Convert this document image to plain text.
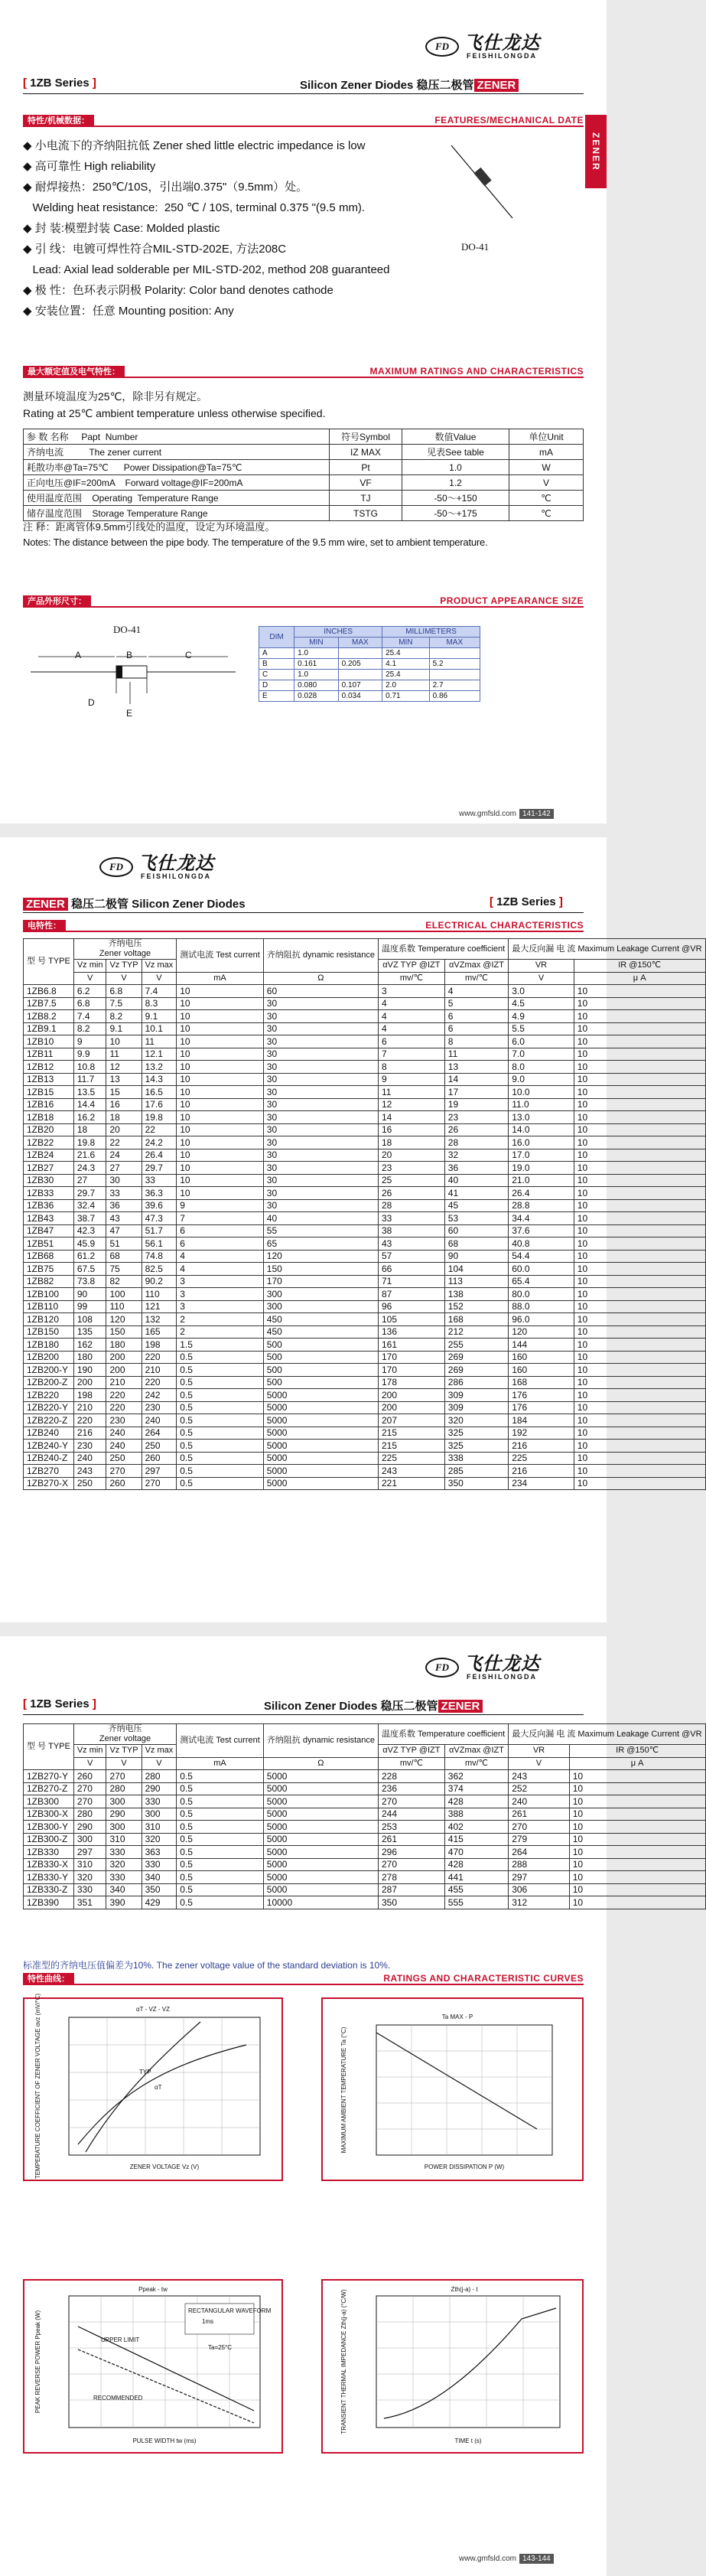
FD 飞仕龙达
FEISHILONGDA
[ 1ZB Series ]	Silicon Zener Diodes 稳压二极管 ZENER
ZENER
特性/机械数据：	FEATURES/MECHANICAL DATE
◆ 小电流下的齐纳阻抗低 Zener shed little electric impedance is low
◆ 高可靠性 High reliability
◆ 耐焊接热：250℃/10S，引出端0.375"（9.5mm）处。
Welding heat resistance:  250 ℃ / 10S, terminal 0.375 "(9.5 mm).
◆ 封 装:模塑封装 Case: Molded plastic
◆ 引 线：电镀可焊性符合MIL-STD-202E, 方法208C
Lead: Axial lead solderable per MIL-STD-202, method 208 guaranteed
◆ 极 性：色环表示阴极 Polarity: Color band denotes cathode
◆ 安装位置：任意 Mounting position: Any
DO-41
最大额定值及电气特性：	MAXIMUM RATINGS AND CHARACTERISTICS
测量环境温度为25℃，除非另有规定。
Rating at 25℃ ambient temperature unless otherwise specified.
参 数 名称     Papt  Number	符号Symbol	数值Value	单位Unit
齐纳电流          The zener current	IZ MAX	见表See table	mA
耗散功率@Ta=75℃      Power Dissipation@Ta=75℃	Pt	1.0	W
正向电压@IF=200mA    Forward voltage@IF=200mA	VF	1.2	V
使用温度范围    Operating  Temperature Range	TJ	-50～+150	℃
储存温度范围    Storage Temperature Range	TSTG	-50～+175	℃
注 释：距离管体9.5mm引线处的温度，设定为环境温度。
Notes: The distance between the pipe body. The temperature of the 9.5 mm wire, set to ambient temperature.
产品外形尺寸：	PRODUCT APPEARANCE SIZE
DO-41
A	B	C
D
E
DIM	INCHES		MILLIMETERS	
	MIN	MAX	MIN	MAX
A	1.0		25.4	
B	0.161	0.205	4.1	5.2
C	1.0		25.4	
D	0.080	0.107	2.0	2.7
E	0.028	0.034	0.71	0.86
www.gmfsld.com 141-142
FD 飞仕龙达
FEISHILONGDA
ZENER 稳压二极管 Silicon Zener Diodes	[ 1ZB Series ]
电特性：	ELECTRICAL CHARACTERISTICS
型 号 TYPE	齐纳电压
Zener voltage			测试电流 Test current	齐纳阻抗 dynamic resistance	温度系数 Temperature coefficient		最大反向漏 电 流 Maximum Leakage Current @VR	
	Vz min	Vz TYP	Vz max			αVZ TYP @IZT	αVZmax @IZT	VR	IR @150℃
	V	V	V	mA	Ω	mv/℃	mv/℃	V	μ A
1ZB6.8	6.2	6.8	7.4	10	60	3	4	3.0	10
1ZB7.5	6.8	7.5	8.3	10	30	4	5	4.5	10
1ZB8.2	7.4	8.2	9.1	10	30	4	6	4.9	10
1ZB9.1	8.2	9.1	10.1	10	30	4	6	5.5	10
1ZB10	9	10	11	10	30	6	8	6.0	10
1ZB11	9.9	11	12.1	10	30	7	11	7.0	10
1ZB12	10.8	12	13.2	10	30	8	13	8.0	10
1ZB13	11.7	13	14.3	10	30	9	14	9.0	10
1ZB15	13.5	15	16.5	10	30	11	17	10.0	10
1ZB16	14.4	16	17.6	10	30	12	19	11.0	10
1ZB18	16.2	18	19.8	10	30	14	23	13.0	10
1ZB20	18	20	22	10	30	16	26	14.0	10
1ZB22	19.8	22	24.2	10	30	18	28	16.0	10
1ZB24	21.6	24	26.4	10	30	20	32	17.0	10
1ZB27	24.3	27	29.7	10	30	23	36	19.0	10
1ZB30	27	30	33	10	30	25	40	21.0	10
1ZB33	29.7	33	36.3	10	30	26	41	26.4	10
1ZB36	32.4	36	39.6	9	30	28	45	28.8	10
1ZB43	38.7	43	47.3	7	40	33	53	34.4	10
1ZB47	42.3	47	51.7	6	55	38	60	37.6	10
1ZB51	45.9	51	56.1	6	65	43	68	40.8	10
1ZB68	61.2	68	74.8	4	120	57	90	54.4	10
1ZB75	67.5	75	82.5	4	150	66	104	60.0	10
1ZB82	73.8	82	90.2	3	170	71	113	65.4	10
1ZB100	90	100	110	3	300	87	138	80.0	10
1ZB110	99	110	121	3	300	96	152	88.0	10
1ZB120	108	120	132	2	450	105	168	96.0	10
1ZB150	135	150	165	2	450	136	212	120	10
1ZB180	162	180	198	1.5	500	161	255	144	10
1ZB200	180	200	220	0.5	500	170	269	160	10
1ZB200-Y	190	200	210	0.5	500	170	269	160	10
1ZB200-Z	200	210	220	0.5	500	178	286	168	10
1ZB220	198	220	242	0.5	5000	200	309	176	10
1ZB220-Y	210	220	230	0.5	5000	200	309	176	10
1ZB220-Z	220	230	240	0.5	5000	207	320	184	10
1ZB240	216	240	264	0.5	5000	215	325	192	10
1ZB240-Y	230	240	250	0.5	5000	215	325	216	10
1ZB240-Z	240	250	260	0.5	5000	225	338	225	10
1ZB270	243	270	297	0.5	5000	243	285	216	10
1ZB270-X	250	260	270	0.5	5000	221	350	234	10
FD 飞仕龙达
FEISHILONGDA
[ 1ZB Series ]	Silicon Zener Diodes 稳压二极管 ZENER
型 号 TYPE	齐纳电压
Zener voltage			测试电流 Test current	齐纳阻抗 dynamic resistance	温度系数 Temperature coefficient		最大反向漏 电 流 Maximum Leakage Current @VR	
	Vz min	Vz TYP	Vz max			αVZ TYP @IZT	αVZmax @IZT	VR	IR @150℃
	V	V	V	mA	Ω	mv/℃	mv/℃	V	μ A
1ZB270-Y	260	270	280	0.5	5000	228	362	243	10
1ZB270-Z	270	280	290	0.5	5000	236	374	252	10
1ZB300	270	300	330	0.5	5000	270	428	240	10
1ZB300-X	280	290	300	0.5	5000	244	388	261	10
1ZB300-Y	290	300	310	0.5	5000	253	402	270	10
1ZB300-Z	300	310	320	0.5	5000	261	415	279	10
1ZB330	297	330	363	0.5	5000	296	470	264	10
1ZB330-X	310	320	330	0.5	5000	270	428	288	10
1ZB330-Y	320	330	340	0.5	5000	278	441	297	10
1ZB330-Z	330	340	350	0.5	5000	287	455	306	10
1ZB390	351	390	429	0.5	10000	350	555	312	10
标准型的齐纳电压值偏差为10%. The zener voltage value of the standard deviation is 10%.
特性曲线：	RATINGS AND CHARACTERISTIC CURVES
αT - VZ - VZ
TYP
αT
ZENER VOLTAGE Vz (V)
TEMPERATURE COEFFICIENT OF ZENER VOLTAGE αvz (mV/°C)	Ta MAX - P
POWER DISSIPATION P (W)
MAXIMUM AMBIENT TEMPERATURE Ta (°C)
Ppeak - tw
RECTANGULAR WAVEFORM
1ms
Ta=25°C
UPPER LIMIT
RECOMMENDED
PULSE WIDTH tw (ms)
PEAK REVERSE POWER Ppeak (W)
Zth(j-a) - t
TIME t (s)
TRANSIENT THERMAL IMPEDANCE Zth(j-a) (°C/W)
www.gmfsld.com 143-144
